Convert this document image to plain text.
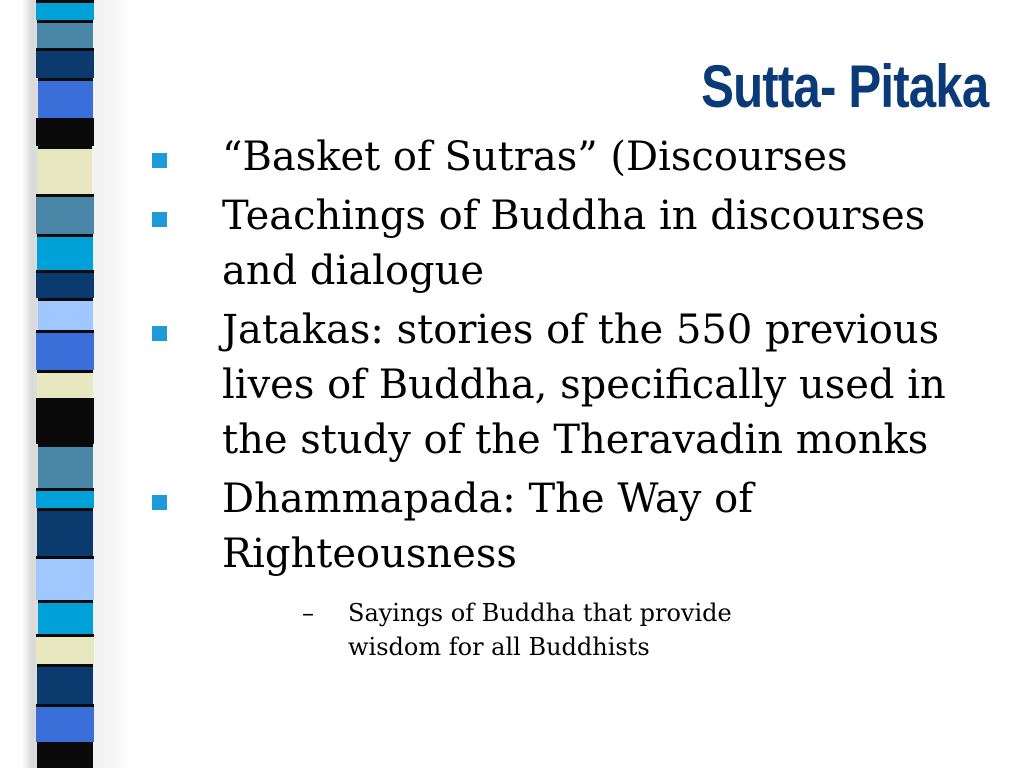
Sutta- Pitaka
“Basket of Sutras” (Discourses
Teachings of Buddha in discourses and dialogue
Jatakas: stories of the 550 previous lives of Buddha, specifically used in the study of the Theravadin monks
Dhammapada: The Way of Righteousness
– Sayings of Buddha that provide wisdom for all Buddhists
